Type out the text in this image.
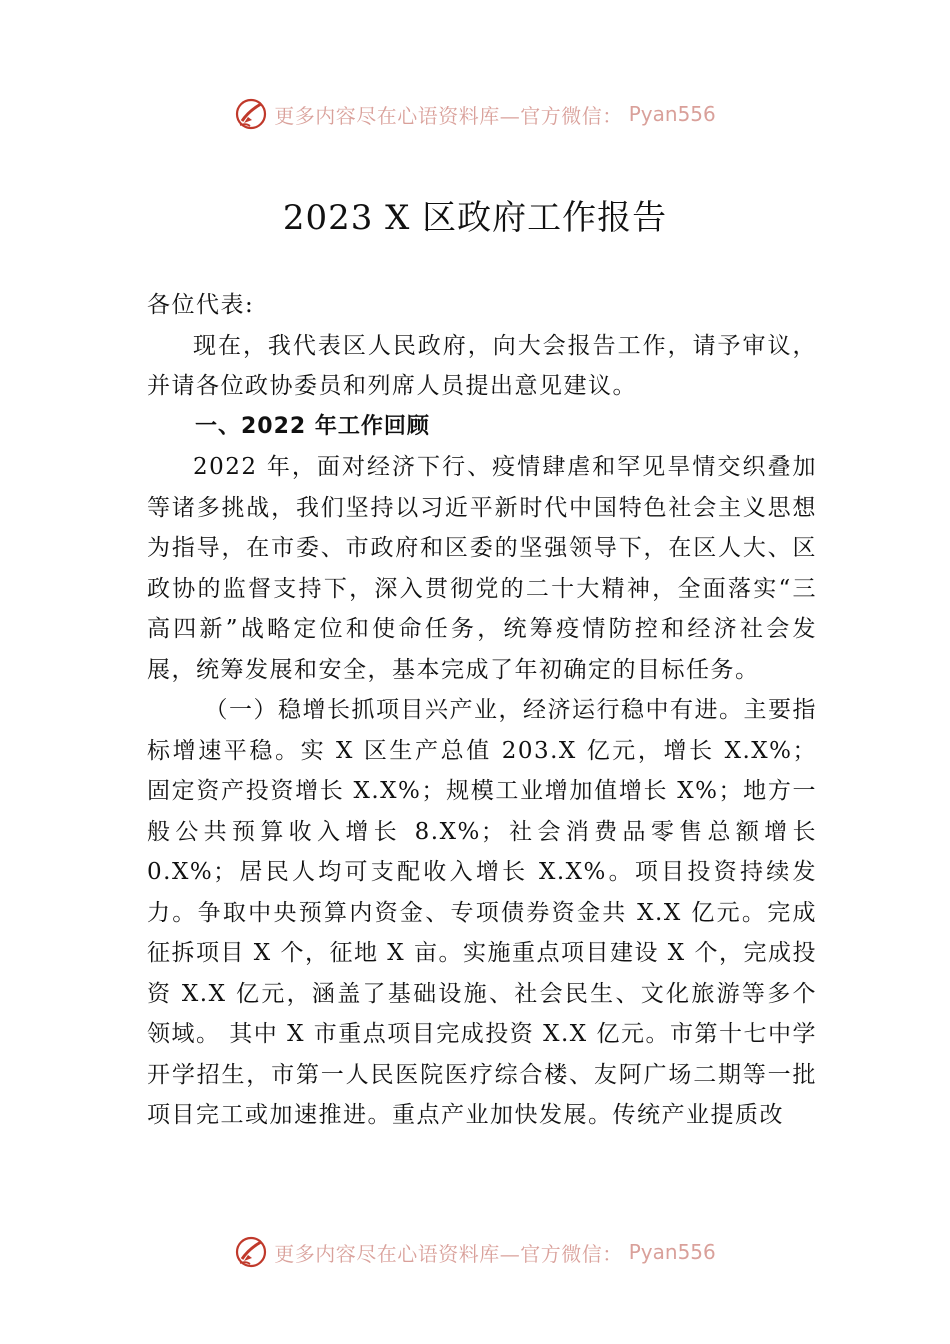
更多内容尽在心语资料库—官方微信： Pyan556
2023 X 区政府工作报告

各位代表:

现在，我代表区人民政府，向大会报告工作，请予审议，并请各位政协委员和列席人员提出意见建议。

一、2022 年工作回顾

2022 年，面对经济下行、疫情肆虐和罕见旱情交织叠加等诸多挑战，我们坚持以习近平新时代中国特色社会主义思想为指导，在市委、市政府和区委的坚强领导下，在区人大、区政协的监督支持下，深入贯彻党的二十大精神，全面落实“三高四新”战略定位和使命任务，统筹疫情防控和经济社会发展，统筹发展和安全，基本完成了年初确定的目标任务。

（一）稳增长抓项目兴产业，经济运行稳中有进。主要指标增速平稳。实 X 区生产总值 203.X 亿元，增长 X.X%；固定资产投资增长 X.X%；规模工业增加值增长 X%；地方一般公共预算收入增长 8.X%；社会消费品零售总额增长 0.X%；居民人均可支配收入增长 X.X%。项目投资持续发力。争取中央预算内资金、专项债券资金共 X.X 亿元。完成征拆项目 X 个，征地 X 亩。实施重点项目建设 X 个，完成投资 X.X 亿元，涵盖了基础设施、社会民生、文化旅游等多个领域。 其中 X 市重点项目完成投资 X.X 亿元。市第十七中学开学招生，市第一人民医院医疗综合楼、友阿广场二期等一批项目完工或加速推进。重点产业加快发展。传统产业提质改

更多内容尽在心语资料库—官方微信： Pyan556
